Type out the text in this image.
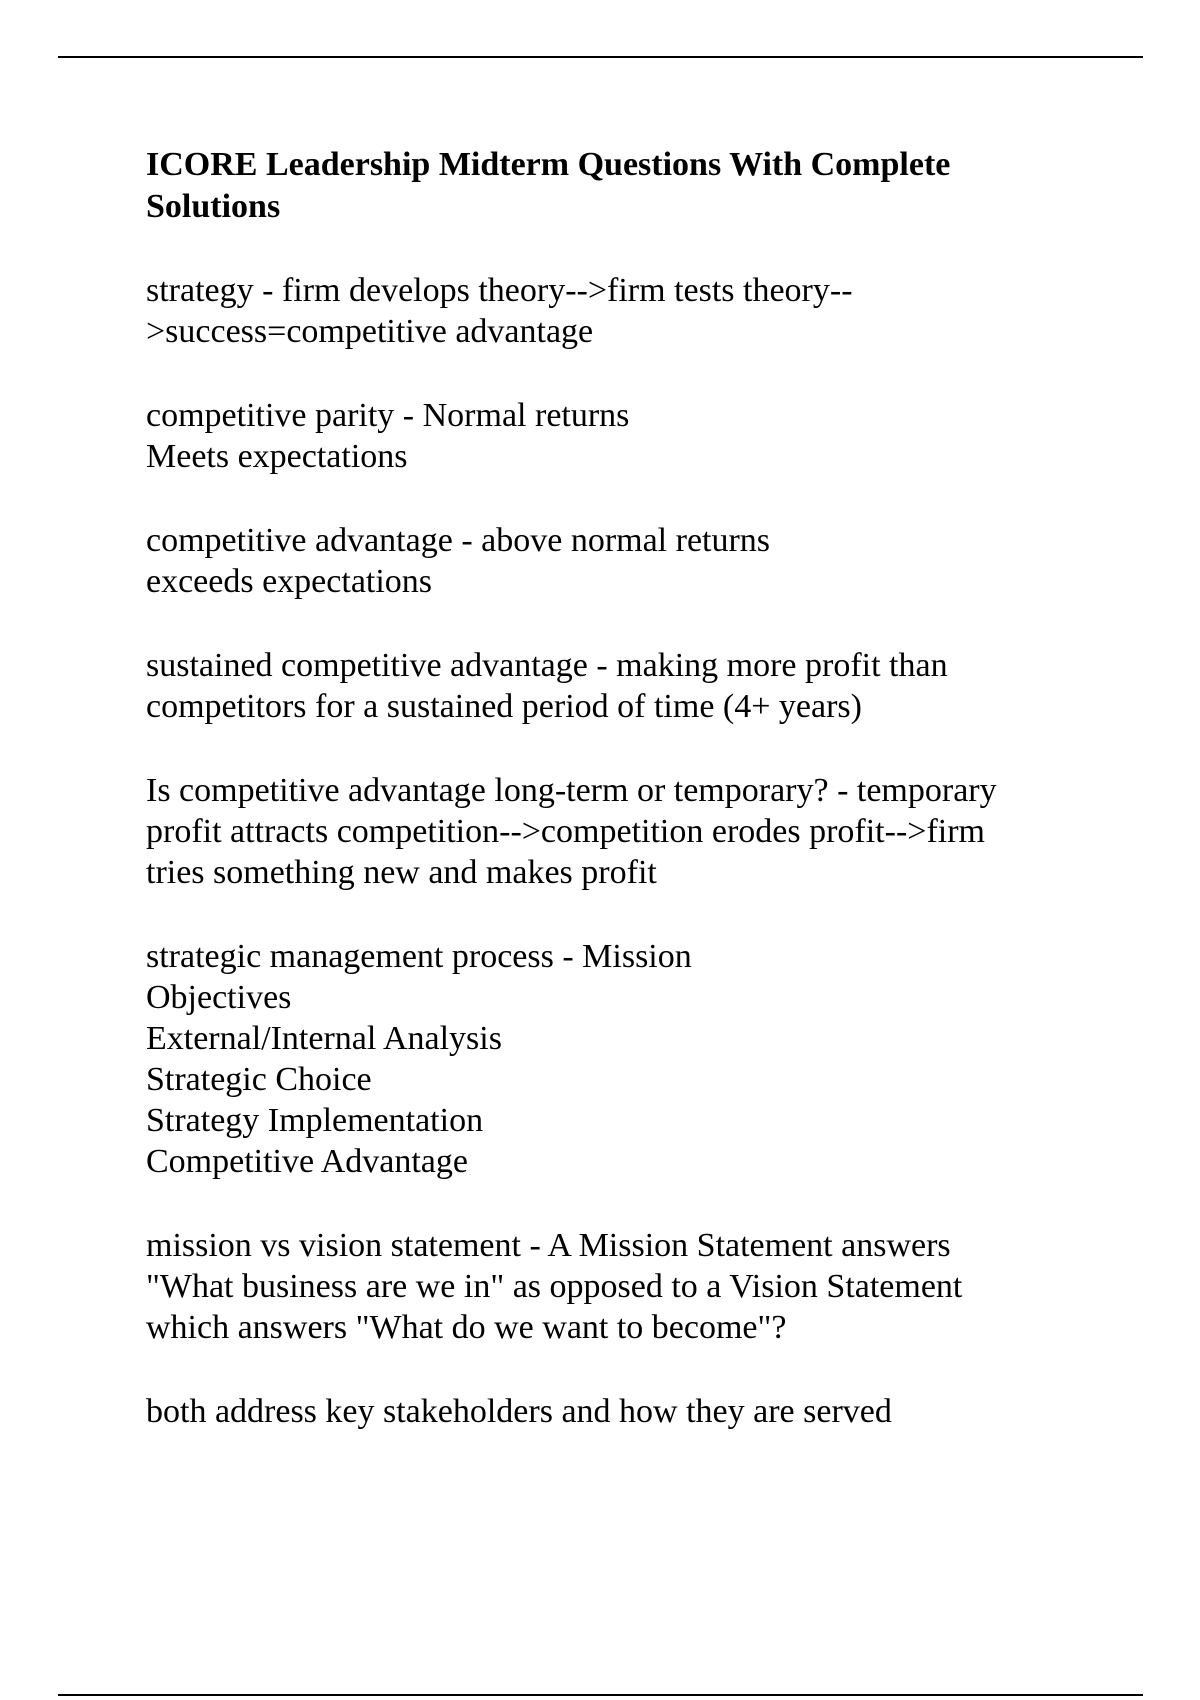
ICORE Leadership Midterm Questions With Complete
Solutions

strategy - firm develops theory-->firm tests theory--
>success=competitive advantage

competitive parity - Normal returns
Meets expectations

competitive advantage - above normal returns
exceeds expectations

sustained competitive advantage - making more profit than
competitors for a sustained period of time (4+ years)

Is competitive advantage long-term or temporary? - temporary
profit attracts competition-->competition erodes profit-->firm
tries something new and makes profit

strategic management process - Mission
Objectives
External/Internal Analysis
Strategic Choice
Strategy Implementation
Competitive Advantage

mission vs vision statement - A Mission Statement answers
"What business are we in" as opposed to a Vision Statement
which answers "What do we want to become"?

both address key stakeholders and how they are served
